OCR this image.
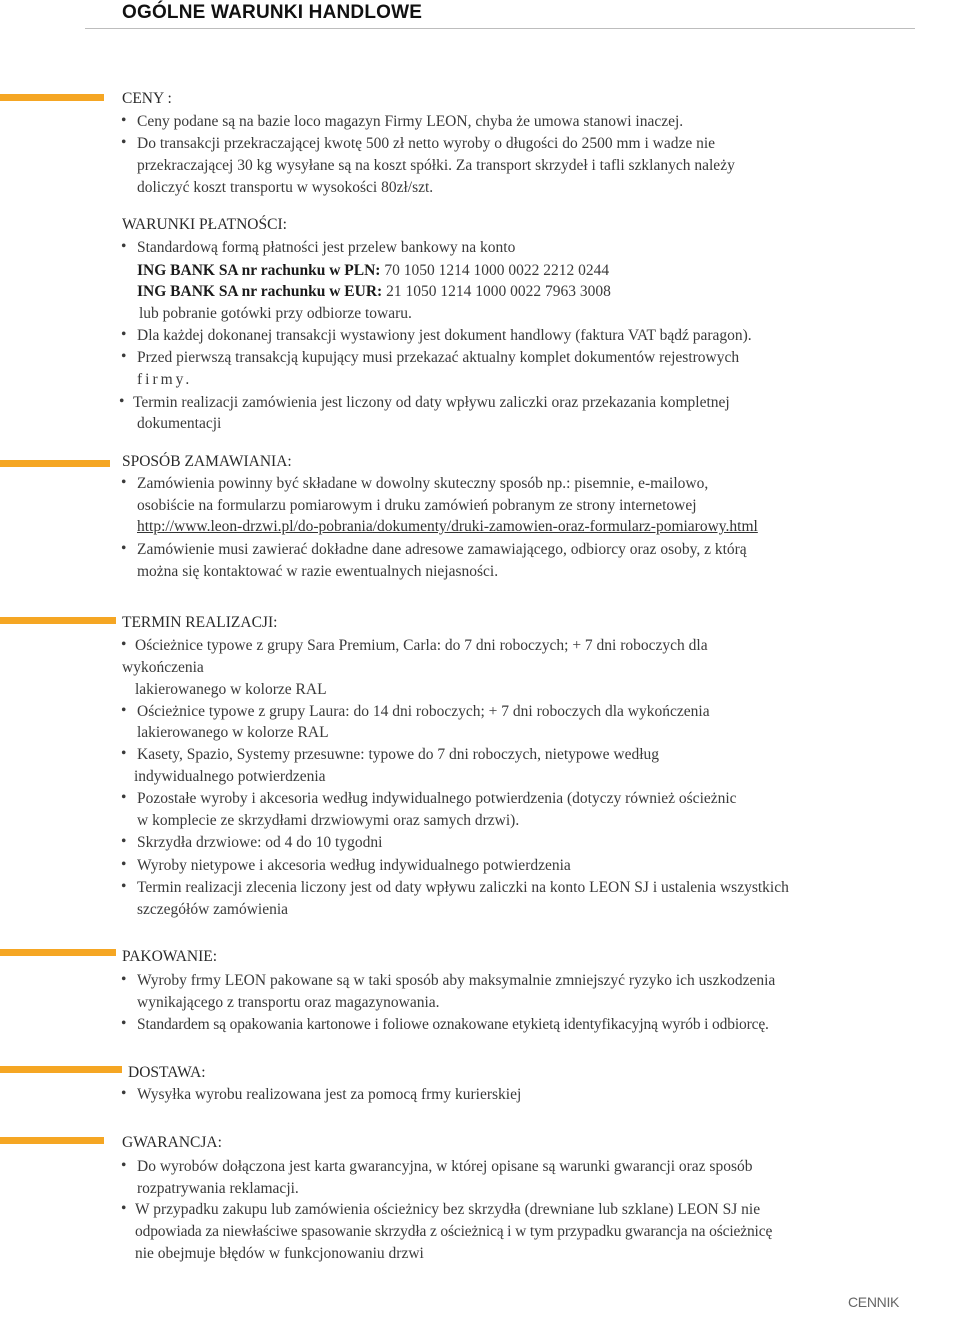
OGÓLNE WARUNKI HANDLOWE
CENY :
• Ceny podane są na bazie loco magazyn Firmy LEON, chyba że umowa stanowi inaczej.
• Do transakcji przekraczającej kwotę 500 zł netto wyroby o długości do 2500 mm i wadze nie
przekraczającej 30 kg wysyłane są na koszt spółki. Za transport skrzydeł i tafli szklanych należy
doliczyć koszt transportu w wysokości 80zł/szt.
WARUNKI PŁATNOŚCI:
• Standardową formą płatności jest przelew bankowy na konto
ING BANK SA nr rachunku w PLN: 70 1050 1214 1000 0022 2212 0244
ING BANK SA nr rachunku w EUR: 21 1050 1214 1000 0022 7963 3008
lub pobranie gotówki przy odbiorze towaru.
• Dla każdej dokonanej transakcji wystawiony jest dokument handlowy (faktura VAT bądź paragon).
• Przed pierwszą transakcją kupujący musi przekazać aktualny komplet dokumentów rejestrowych
firmy.
• Termin realizacji zamówienia jest liczony od daty wpływu zaliczki oraz przekazania kompletnej
dokumentacji
SPOSÓB ZAMAWIANIA:
• Zamówienia powinny być składane w dowolny skuteczny sposób np.: pisemnie, e-mailowo,
osobiście na formularzu pomiarowym i druku zamówień pobranym ze strony internetowej
http://www.leon-drzwi.pl/do-pobrania/dokumenty/druki-zamowien-oraz-formularz-pomiarowy.html
• Zamówienie musi zawierać dokładne dane adresowe zamawiającego, odbiorcy oraz osoby, z którą
można się kontaktować w razie ewentualnych niejasności.
TERMIN REALIZACJI:
• Ościeżnice typowe z grupy Sara Premium, Carla: do 7 dni roboczych; + 7 dni roboczych dla
wykończenia
lakierowanego w kolorze RAL
• Ościeżnice typowe z grupy Laura: do 14 dni roboczych; + 7 dni roboczych dla wykończenia
lakierowanego w kolorze RAL
• Kasety, Spazio, Systemy przesuwne: typowe do 7 dni roboczych, nietypowe według
indywidualnego potwierdzenia
• Pozostałe wyroby i akcesoria według indywidualnego potwierdzenia (dotyczy również ościeżnic
w komplecie ze skrzydłami drzwiowymi oraz samych drzwi).
• Skrzydła drzwiowe: od 4 do 10 tygodni
• Wyroby nietypowe i akcesoria według indywidualnego potwierdzenia
• Termin realizacji zlecenia liczony jest od daty wpływu zaliczki na konto LEON SJ i ustalenia wszystkich
szczegółów zamówienia
PAKOWANIE:
• Wyroby frmy LEON pakowane są w taki sposób aby maksymalnie zmniejszyć ryzyko ich uszkodzenia
wynikającego z transportu oraz magazynowania.
• Standardem są opakowania kartonowe i foliowe oznakowane etykietą identyfikacyjną wyrób i odbiorcę.
DOSTAWA:
• Wysyłka wyrobu realizowana jest za pomocą frmy kurierskiej
GWARANCJA:
• Do wyrobów dołączona jest karta gwarancyjna, w której opisane są warunki gwarancji oraz sposób
rozpatrywania reklamacji.
• W przypadku zakupu lub zamówienia ościeżnicy bez skrzydła (drewniane lub szklane) LEON SJ nie
odpowiada za niewłaściwe spasowanie skrzydła z ościeżnicą i w tym przypadku gwarancja na ościeżnicę
nie obejmuje błędów w funkcjonowaniu drzwi
CENNIK
